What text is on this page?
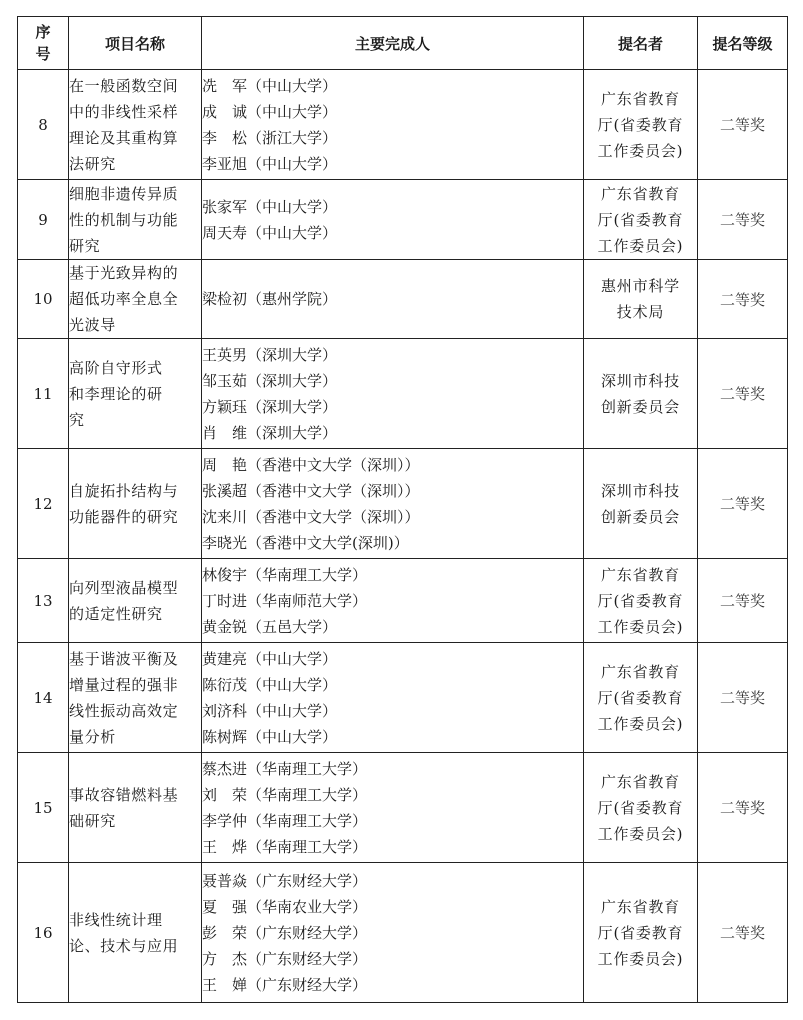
序号	项目名称	主要完成人	提名者	提名等级
8	在一般函数空间中的非线性采样理论及其重构算法研究	冼　军（中山大学）
成　诚（中山大学）
李　松（浙江大学）
李亚旭（中山大学）	广东省教育厅(省委教育工作委员会)	二等奖
9	细胞非遗传异质性的机制与功能研究	张家军（中山大学）
周天寿（中山大学）	广东省教育厅(省委教育工作委员会)	二等奖
10	基于光致异构的超低功率全息全光波导	梁检初（惠州学院）	惠州市科学技术局	二等奖
11	高阶自守形式和李理论的研究	王英男（深圳大学）
邹玉茹（深圳大学）
方颖珏（深圳大学）
肖　维（深圳大学）	深圳市科技创新委员会	二等奖
12	自旋拓扑结构与功能器件的研究	周　艳（香港中文大学（深圳））
张溪超（香港中文大学（深圳））
沈来川（香港中文大学（深圳））
李晓光（香港中文大学(深圳)）	深圳市科技创新委员会	二等奖
13	向列型液晶模型的适定性研究	林俊宇（华南理工大学）
丁时进（华南师范大学）
黄金锐（五邑大学）	广东省教育厅(省委教育工作委员会)	二等奖
14	基于谐波平衡及增量过程的强非线性振动高效定量分析	黄建亮（中山大学）
陈衍茂（中山大学）
刘济科（中山大学）
陈树辉（中山大学）	广东省教育厅(省委教育工作委员会)	二等奖
15	事故容错燃料基础研究	蔡杰进（华南理工大学）
刘　荣（华南理工大学）
李学仲（华南理工大学）
王　烨（华南理工大学）	广东省教育厅(省委教育工作委员会)	二等奖
16	非线性统计理论、技术与应用	聂普焱（广东财经大学）
夏　强（华南农业大学）
彭　荣（广东财经大学）
方　杰（广东财经大学）
王　婵（广东财经大学）	广东省教育厅(省委教育工作委员会)	二等奖
